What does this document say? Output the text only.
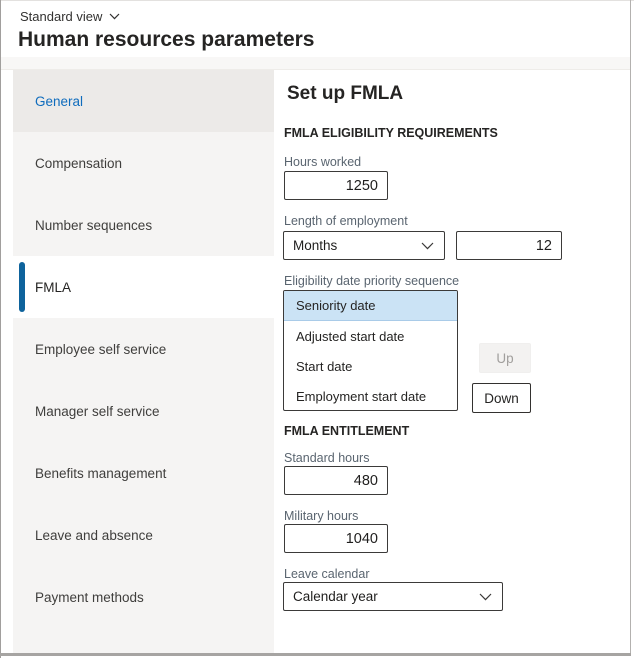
Standard view
Human resources parameters
General
Compensation
Number sequences
FMLA
Employee self service
Manager self service
Benefits management
Leave and absence
Payment methods
Set up FMLA
FMLA ELIGIBILITY REQUIREMENTS
Hours worked
1250
Length of employment
Months
12
Eligibility date priority sequence
Seniority date
Adjusted start date
Start date
Employment start date
Up
Down
FMLA ENTITLEMENT
Standard hours
480
Military hours
1040
Leave calendar
Calendar year
